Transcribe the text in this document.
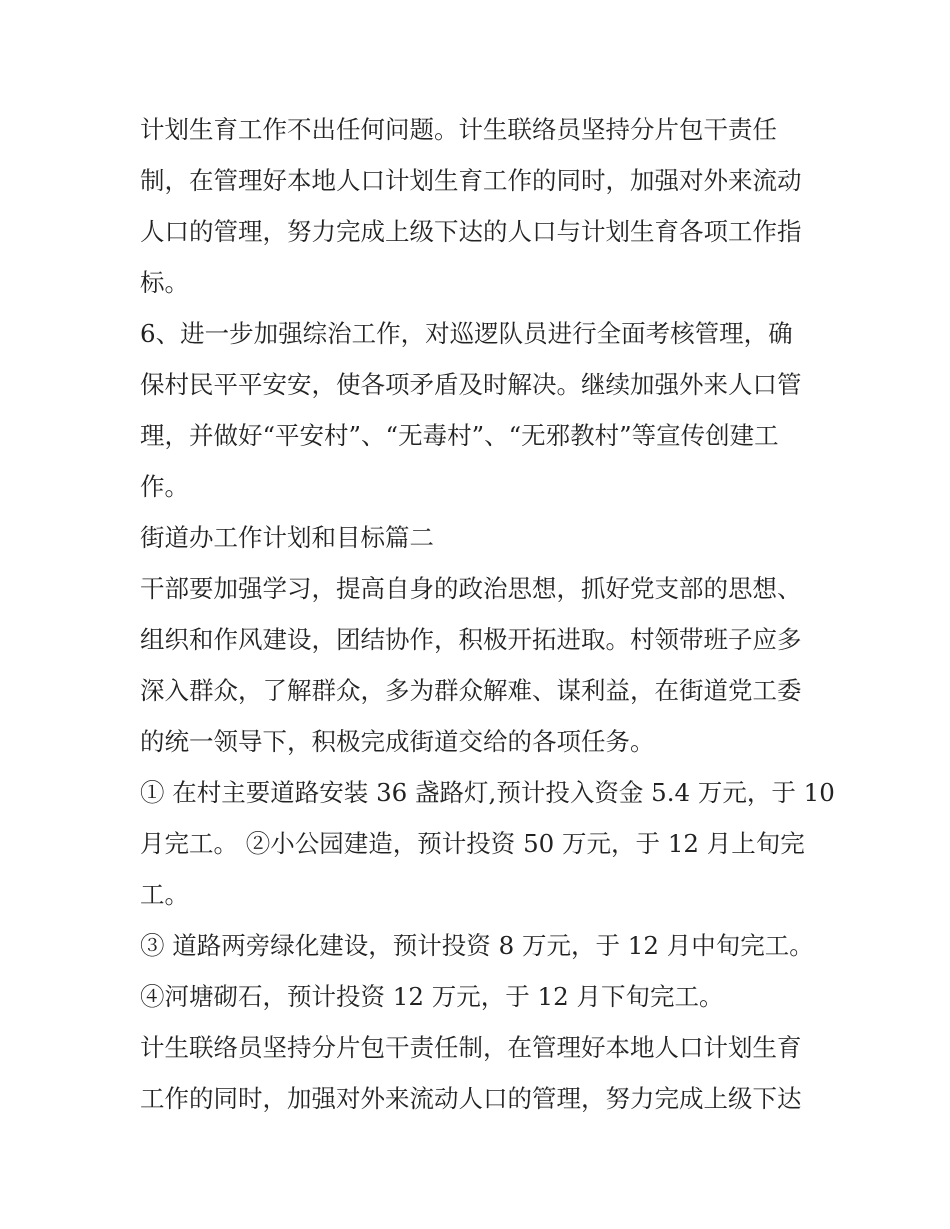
计划生育工作不出任何问题。计生联络员坚持分片包干责任
制，在管理好本地人口计划生育工作的同时，加强对外来流动
人口的管理，努力完成上级下达的人口与计划生育各项工作指
标。
6、进一步加强综治工作，对巡逻队员进行全面考核管理，确
保村民平平安安，使各项矛盾及时解决。继续加强外来人口管
理，并做好“平安村”、“无毒村”、“无邪教村”等宣传创建工
作。
街道办工作计划和目标篇二
干部要加强学习，提高自身的政治思想，抓好党支部的思想、
组织和作风建设，团结协作，积极开拓进取。村领带班子应多
深入群众，了解群众，多为群众解难、谋利益，在街道党工委
的统一领导下，积极完成街道交给的各项任务。
① 在村主要道路安装 36 盏路灯,预计投入资金 5.4 万元，于 10
月完工。 ②小公园建造，预计投资 50 万元，于 12 月上旬完
工。
③ 道路两旁绿化建设，预计投资 8 万元，于 12 月中旬完工。
④河塘砌石，预计投资 12 万元，于 12 月下旬完工。
计生联络员坚持分片包干责任制，在管理好本地人口计划生育
工作的同时，加强对外来流动人口的管理，努力完成上级下达
